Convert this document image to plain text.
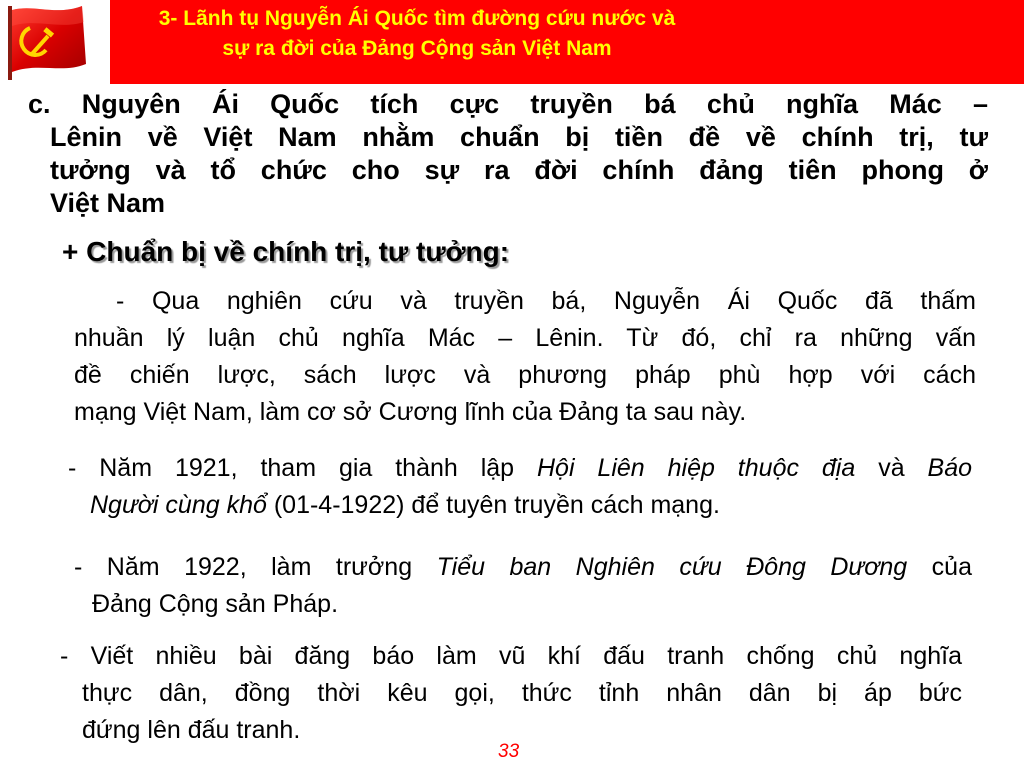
3- Lãnh tụ Nguyễn Ái Quốc tìm đường cứu nước và
sự ra đời của Đảng Cộng sản Việt Nam
c. Nguyên Ái Quốc tích cực truyền bá chủ nghĩa Mác –
Lênin về Việt Nam nhằm chuẩn bị tiền đề về chính trị, tư
tưởng và tổ chức cho sự ra đời chính đảng tiên phong ở
Việt Nam
+ Chuẩn bị về chính trị, tư tưởng:
- Qua nghiên cứu và truyền bá, Nguyễn Ái Quốc đã thấm
nhuần lý luận chủ nghĩa Mác – Lênin. Từ đó, chỉ ra những vấn
đề chiến lược, sách lược và phương pháp phù hợp với cách
mạng Việt Nam, làm cơ sở Cương lĩnh của Đảng ta sau này.
- Năm 1921, tham gia thành lập Hội Liên hiệp thuộc địa và Báo
Người cùng khổ (01-4-1922) để tuyên truyền cách mạng.
- Năm 1922, làm trưởng Tiểu ban Nghiên cứu Đông Dương của
Đảng Cộng sản Pháp.
- Viết nhiều bài đăng báo làm vũ khí đấu tranh chống chủ nghĩa
thực dân, đồng thời kêu gọi, thức tỉnh nhân dân bị áp bức
đứng lên đấu tranh.
33
